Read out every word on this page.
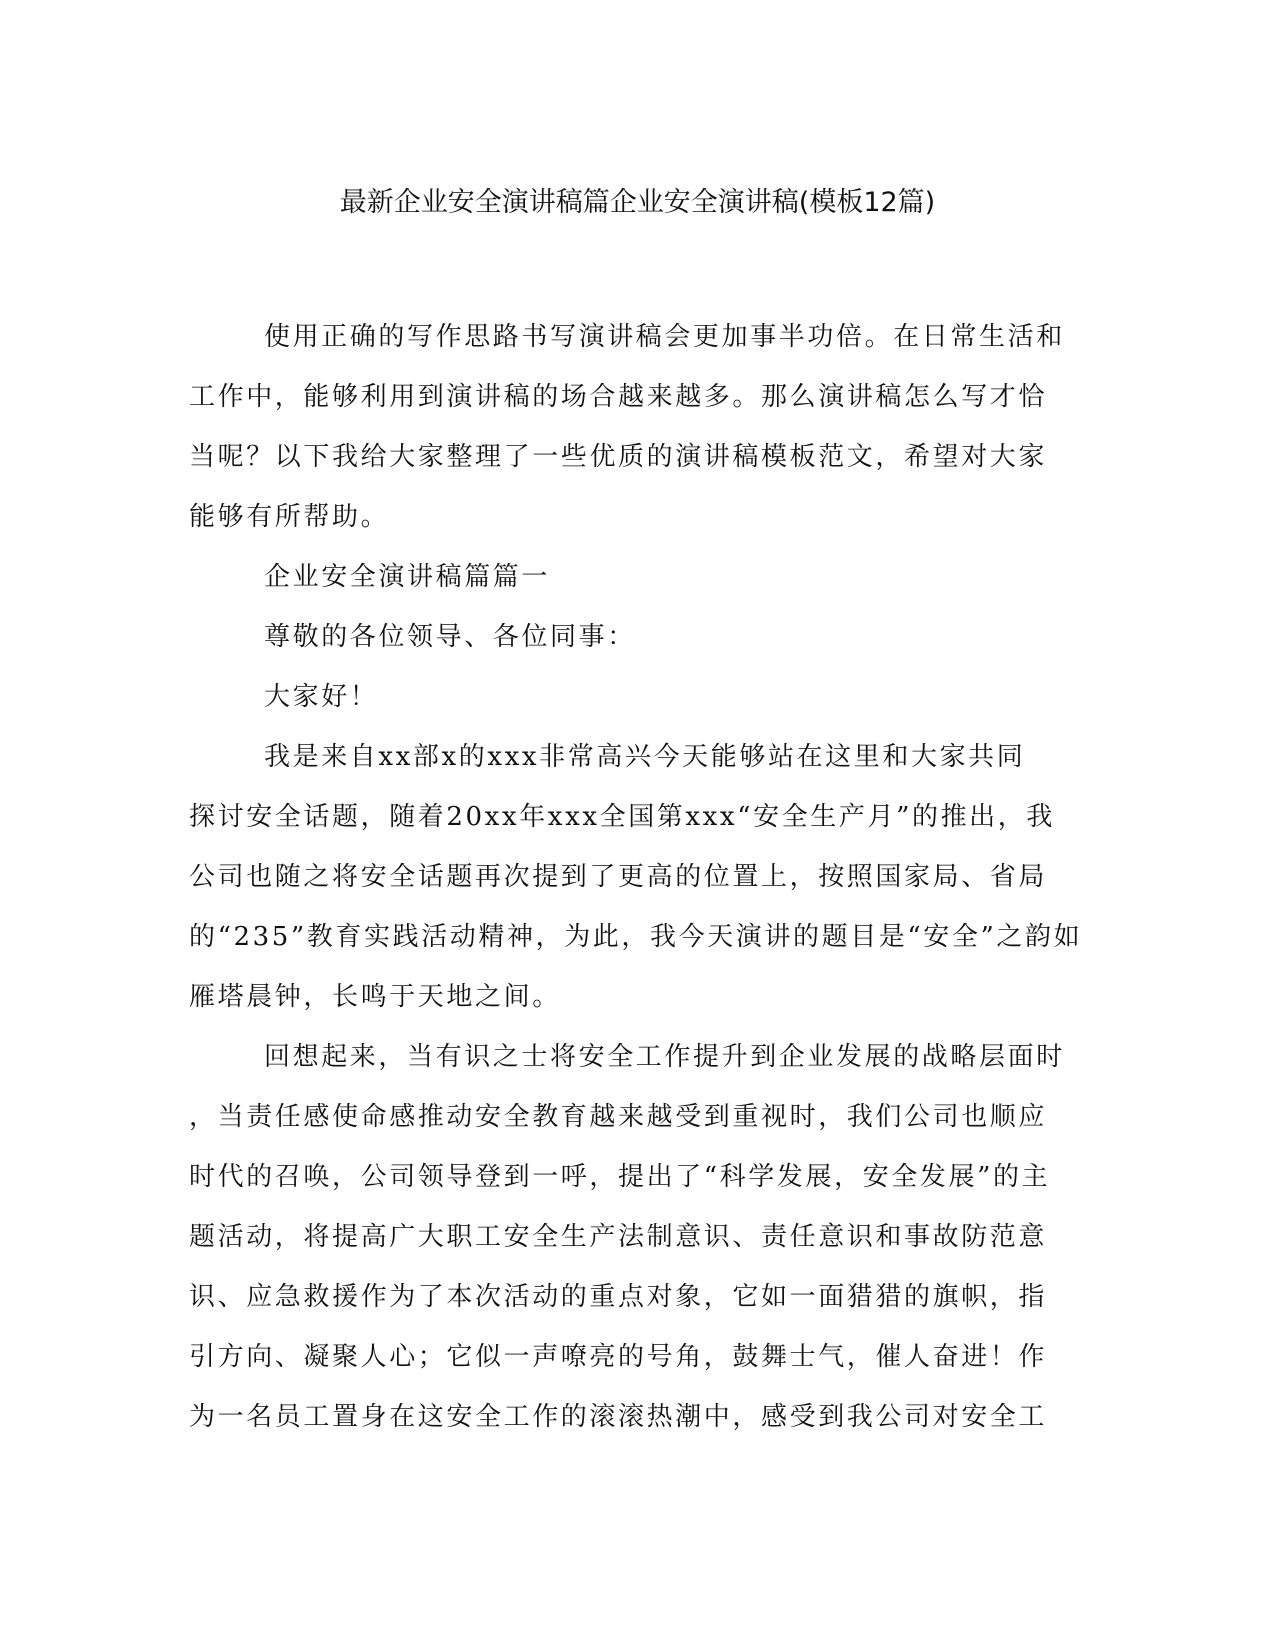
最新企业安全演讲稿篇企业安全演讲稿(模板12篇)
使用正确的写作思路书写演讲稿会更加事半功倍。在日常生活和
工作中，能够利用到演讲稿的场合越来越多。那么演讲稿怎么写才恰
当呢？以下我给大家整理了一些优质的演讲稿模板范文，希望对大家
能够有所帮助。
企业安全演讲稿篇篇一
尊敬的各位领导、各位同事：
大家好！
我是来自xx部x的xxx非常高兴今天能够站在这里和大家共同
探讨安全话题，随着20xx年xxx全国第xxx“安全生产月”的推出，我
公司也随之将安全话题再次提到了更高的位置上，按照国家局、省局
的“235”教育实践活动精神，为此，我今天演讲的题目是“安全”之韵如
雁塔晨钟，长鸣于天地之间。
回想起来，当有识之士将安全工作提升到企业发展的战略层面时
，当责任感使命感推动安全教育越来越受到重视时，我们公司也顺应
时代的召唤，公司领导登到一呼，提出了“科学发展，安全发展”的主
题活动，将提高广大职工安全生产法制意识、责任意识和事故防范意
识、应急救援作为了本次活动的重点对象，它如一面猎猎的旗帜，指
引方向、凝聚人心；它似一声嘹亮的号角，鼓舞士气，催人奋进！作
为一名员工置身在这安全工作的滚滚热潮中，感受到我公司对安全工
